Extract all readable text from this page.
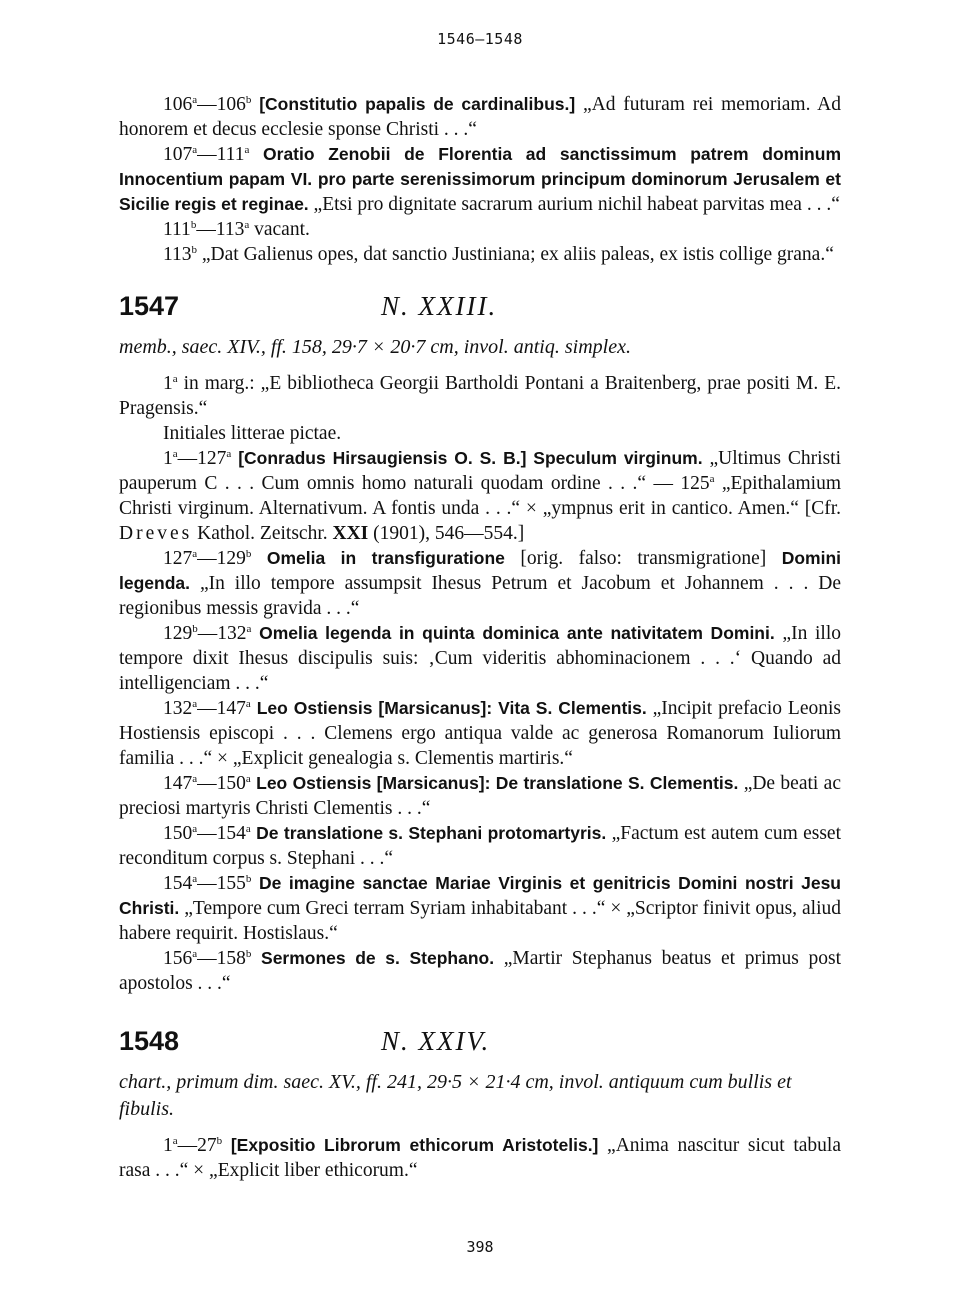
1546—1548

106$^a$—106$^b$ [Constitutio papalis de cardinalibus.] „Ad futuram rei memoriam. Ad honorem et decus ecclesie sponse Christi . . .“

107$^a$—111$^a$ Oratio Zenobii de Florentia ad sanctissimum patrem dominum Innocentium papam VI. pro parte serenissimorum principum dominorum Jerusalem et Sicilie regis et reginae. „Etsi pro dignitate sacrarum aurium nichil habeat parvitas mea . . .“

111$^b$—113$^a$ vacant.

113$^b$ „Dat Galienus opes, dat sanctio Justiniana; ex aliis paleas, ex istis collige grana.“

1547	N. XXIII.
memb., saec. XIV., ff. 158, 29·7 × 20·7 cm, invol. antiq. simplex.

1$^a$ in marg.: „E bibliotheca Georgii Bartholdi Pontani a Braitenberg, prae positi M. E. Pragensis.“

Initiales litterae pictae.

1$^a$—127$^a$ [Conradus Hirsaugiensis O. S. B.] Speculum virginum. „Ultimus Christi pauperum C . . . Cum omnis homo naturali quodam ordine . . .“ — 125$^a$ „Epithalamium Christi virginum. Alternativum. A fontis unda . . .“ × „ympnus erit in cantico. Amen.“ [Cfr. Dreves Kathol. Zeitschr. XXI (1901), 546—554.]

127$^a$—129$^b$ Omelia in transfiguratione [orig. falso: transmigratione] Domini legenda. „In illo tempore assumpsit Ihesus Petrum et Jacobum et Johannem . . . De regionibus messis gravida . . .“

129$^b$—132$^a$ Omelia legenda in quinta dominica ante nativitatem Domini. „In illo tempore dixit Ihesus discipulis suis: ‚Cum videritis abhominacionem . . .‘ Quando ad intelligenciam . . .“

132$^a$—147$^a$ Leo Ostiensis [Marsicanus]: Vita S. Clementis. „Incipit prefacio Leonis Hostiensis episcopi . . . Clemens ergo antiqua valde ac generosa Romanorum Iuliorum familia . . .“ × „Explicit genealogia s. Clementis martiris.“

147$^a$—150$^a$ Leo Ostiensis [Marsicanus]: De translatione S. Clementis. „De beati ac preciosi martyris Christi Clementis . . .“

150$^a$—154$^a$ De translatione s. Stephani protomartyris. „Factum est autem cum esset reconditum corpus s. Stephani . . .“

154$^a$—155$^b$ De imagine sanctae Mariae Virginis et genitricis Domini nostri Jesu Christi. „Tempore cum Greci terram Syriam inhabitabant . . .“ × „Scriptor finivit opus, aliud habere requirit. Hostislaus.“

156$^a$—158$^b$ Sermones de s. Stephano. „Martir Stephanus beatus et primus post apostolos . . .“

1548	N. XXIV.
chart., primum dim. saec. XV., ff. 241, 29·5 × 21·4 cm, invol. antiquum cum bullis et fibulis.

1$^a$—27$^b$ [Expositio Librorum ethicorum Aristotelis.] „Anima nascitur sicut tabula rasa . . .“ × „Explicit liber ethicorum.“

398
